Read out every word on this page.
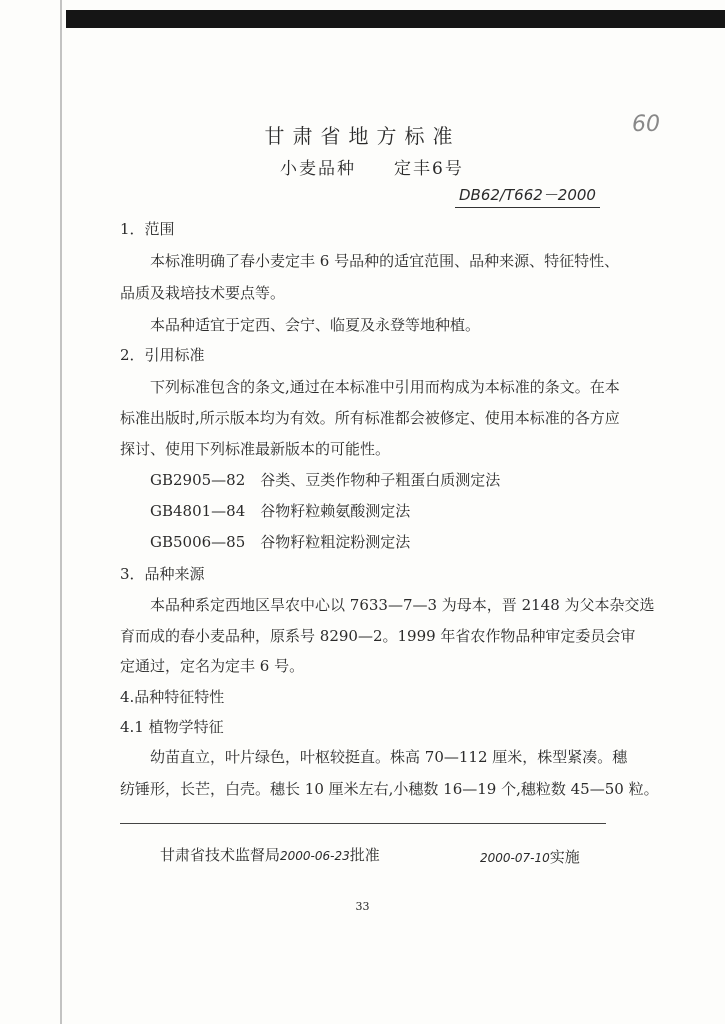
60
甘肃省地方标准
小麦品种　　定丰6号
DB62/T662－2000
1．范围
　　本标准明确了春小麦定丰 6 号品种的适宜范围、品种来源、特征特性、
品质及栽培技术要点等。
　　本品种适宜于定西、会宁、临夏及永登等地种植。
2．引用标准
　　下列标准包含的条文,通过在本标准中引用而构成为本标准的条文。在本
标准出版时,所示版本均为有效。所有标准都会被修定、使用本标准的各方应
探讨、使用下列标准最新版本的可能性。
　　GB2905—82　谷类、豆类作物种子粗蛋白质测定法
　　GB4801—84　谷物籽粒赖氨酸测定法
　　GB5006—85　谷物籽粒粗淀粉测定法
3．品种来源
　　本品种系定西地区旱农中心以 7633—7—3 为母本，晋 2148 为父本杂交选
育而成的春小麦品种，原系号 8290—2。1999 年省农作物品种审定委员会审
定通过，定名为定丰 6 号。
4.品种特征特性
4.1 植物学特征
　　幼苗直立，叶片绿色，叶枢较挺直。株高 70—112 厘米，株型紧凑。穗
纺锤形，长芒，白壳。穗长 10 厘米左右,小穗数 16—19 个,穗粒数 45—50 粒。
甘肃省技术监督局2000-06-23批准	2000-07-10实施
33
